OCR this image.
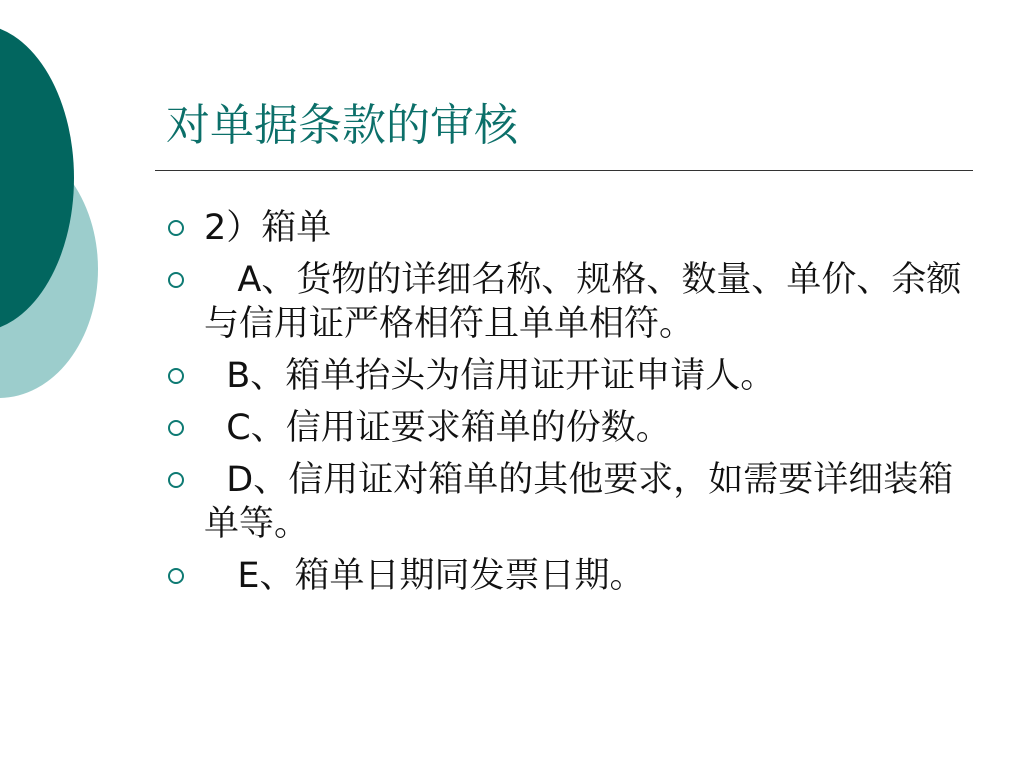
对单据条款的审核
2）箱单
A、货物的详细名称、规格、数量、单价、余额与信用证严格相符且单单相符。
B、箱单抬头为信用证开证申请人。
C、信用证要求箱单的份数。
D、信用证对箱单的其他要求，如需要详细装箱单等。
E、箱单日期同发票日期。
